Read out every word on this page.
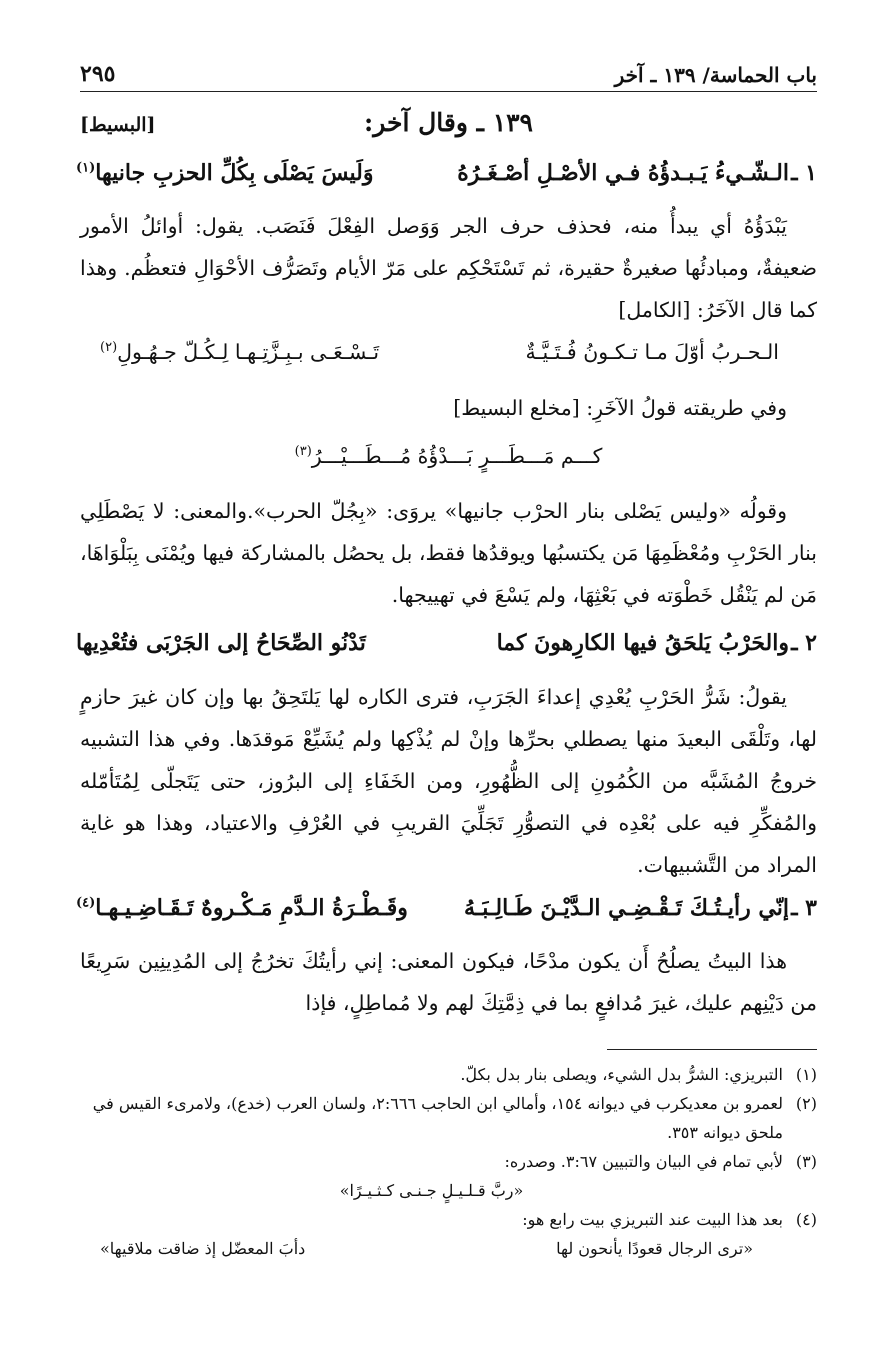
باب الحماسة/ ١٣٩ ـ آخر
٢٩٥
١٣٩ ـ وقال آخر:
[البسيط]
١ ـ
الـشّـيءُ يَـبـدؤُهُ فـي الأصْـلِ أصْـغَـرُهُ
وَلَيسَ يَصْلَى بِكُلِّ الحزبِ جانيها$^{(١)}$

يَبْدَؤُهُ أي يبدأُ منه، فحذف حرف الجر وَوَصل الفِعْلَ فَنَصَب. يقول: أوائلُ الأمور ضعيفةٌ، ومبادئُها صغيرةٌ حقيرة، ثم تَسْتَحْكِم على مَرّ الأيام وتَصَرُّف الأحْوَالِ فتعظُم. وهذا كما قال الآخَرُ: [الكامل]

الـحـربُ أوّلَ مـا تـكـونُ فُـتَـيَّـةٌ
تَـسْـعَـى بـبِـزَّتِـهـا لِـكُـلّ جـهُـولِ$^{(٢)}$
وفي طريقته قولُ الآخَرِ: [مخلع البسيط]
كـــم مَـــطَـــرٍ بَـــدْؤُهُ مُـــطَـــيْـــرُ$^{(٣)}$

وقولُه «وليس يَصْلى بنار الحرْب جانيها» يروَى: «بِجُلّ الحرب».والمعنى: لا يَصْطَلِي بنار الحَرْبِ ومُعْظَمِهَا مَن يكتسبُها ويوقدُها فقط، بل يحصُل بالمشاركة فيها ويُمْنَى بِبَلْوَاهَا، مَن لم يَنْقُل خَطْوَته في بَعْثِهَا، ولم يَسْعَ في تهييجها.

٢ ـ
والحَرْبُ يَلحَقُ فيها الكارِهونَ كما
تَدْنُو الصِّحَاحُ إلى الجَرْبَى فتُعْدِيها

يقولُ: شَرُّ الحَرْبِ يُعْدِي إعداءَ الجَرَبِ، فترى الكاره لها يَلتَحِقُ بها وإن كان غيرَ حازمٍ لها، وتَلْقَى البعيدَ منها يصطلي بحرِّها وإنْ لم يُذْكِها ولم يُشَيِّعْ مَوقدَها. وفي هذا التشبيه خروجُ المُشَبَّه من الكُمُونِ إلى الظُّهُورِ، ومن الخَفَاءِ إلى البرُوز، حتى يَتَجلّى لِمُتَأمّله والمُفكِّرِ فيه على بُعْدِه في التصوُّرِ تَجَلِّيَ القريبِ في العُرْفِ والاعتياد، وهذا هو غاية المراد من التَّشبيهات.

٣ ـ
إنّي رأيـتُـكَ تَـقْـضِـي الـدَّيْـنَ طَـالِـبَـهُ
وقَـطْـرَةُ الـدَّمِ مَـكْـروهٌ تَـقَـاضِـيـهـا$^{(٤)}$

هذا البيتُ يصلُحُ أَن يكون مدْحًا، فيكون المعنى: إني رأيتُكَ تخرُجُ إلى المُدِينِين سَرِيعًا من دَيْنِهم عليك، غيرَ مُدافعٍ بما في ذِمَّتِكَ لهم ولا مُماطِلٍ، فإذا

(١)
التبريزي: الشرُّ بدل الشيء، ويصلى بنار بدل بكلّ.
(٢)
لعمرو بن معديكرب في ديوانه ١٥٤، وأمالي ابن الحاجب ٢:٦٦٦، ولسان العرب (خدع)، ولامرىء القيس في ملحق ديوانه ٣٥٣.
(٣)
لأبي تمام في البيان والتبيين ٣:٦٧. وصدره:
«ربَّ قـلـيـلٍ جـنـى كـثـيـرًا»
(٤)
بعد هذا البيت عند التبريزي بيت رابع هو:
«ترى الرجال قعودًا يأنحون لها
دأبَ المعضّل إذ ضاقت ملاقيها»
